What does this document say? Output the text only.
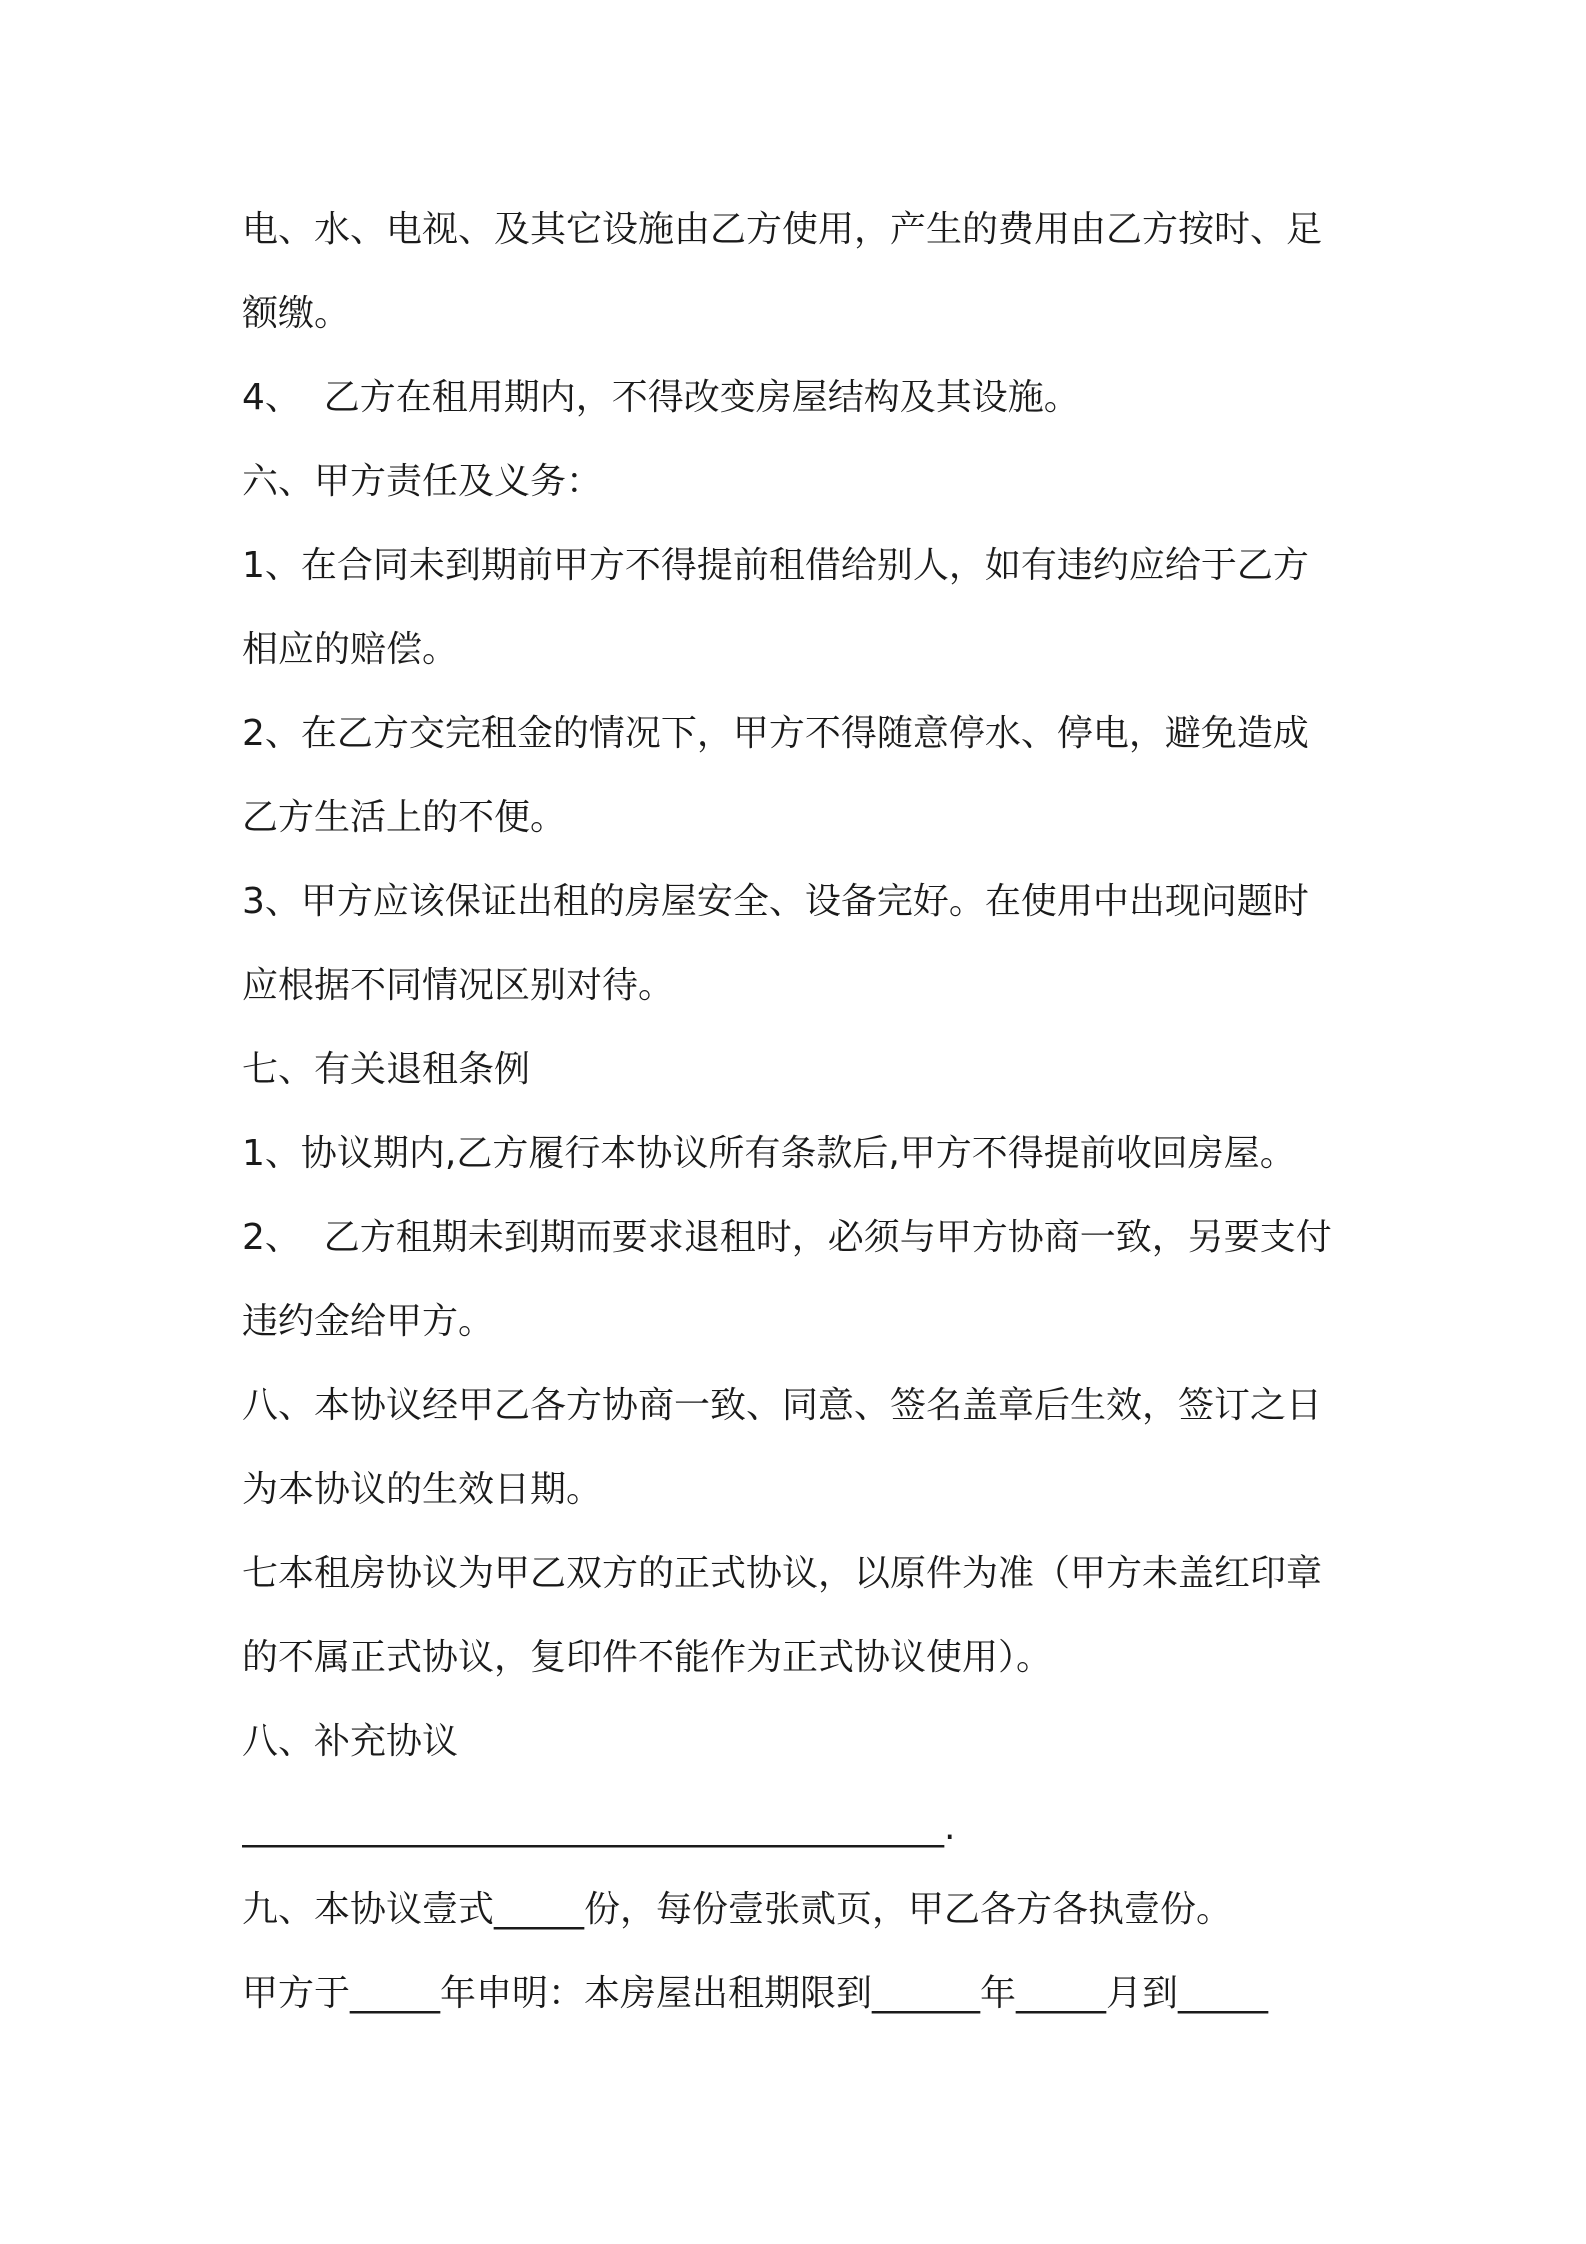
电、水、电视、及其它设施由乙方使用，产生的费用由乙方按时、足
额缴。
4、  乙方在租用期内，不得改变房屋结构及其设施。
六、甲方责任及义务：
1、在合同未到期前甲方不得提前租借给别人，如有违约应给于乙方
相应的赔偿。
2、在乙方交完租金的情况下，甲方不得随意停水、停电，避免造成
乙方生活上的不便。
3、甲方应该保证出租的房屋安全、设备完好。在使用中出现问题时
应根据不同情况区别对待。
七、有关退租条例
1、协议期内,乙方履行本协议所有条款后,甲方不得提前收回房屋。
2、  乙方租期未到期而要求退租时，必须与甲方协商一致，另要支付
违约金给甲方。
八、本协议经甲乙各方协商一致、同意、签名盖章后生效，签订之日
为本协议的生效日期。
七本租房协议为甲乙双方的正式协议，以原件为准（甲方未盖红印章
的不属正式协议，复印件不能作为正式协议使用）。
八、补充协议
_______________________________________.
九、本协议壹式_____份，每份壹张贰页，甲乙各方各执壹份。
甲方于_____年申明：本房屋出租期限到______年_____月到_____
